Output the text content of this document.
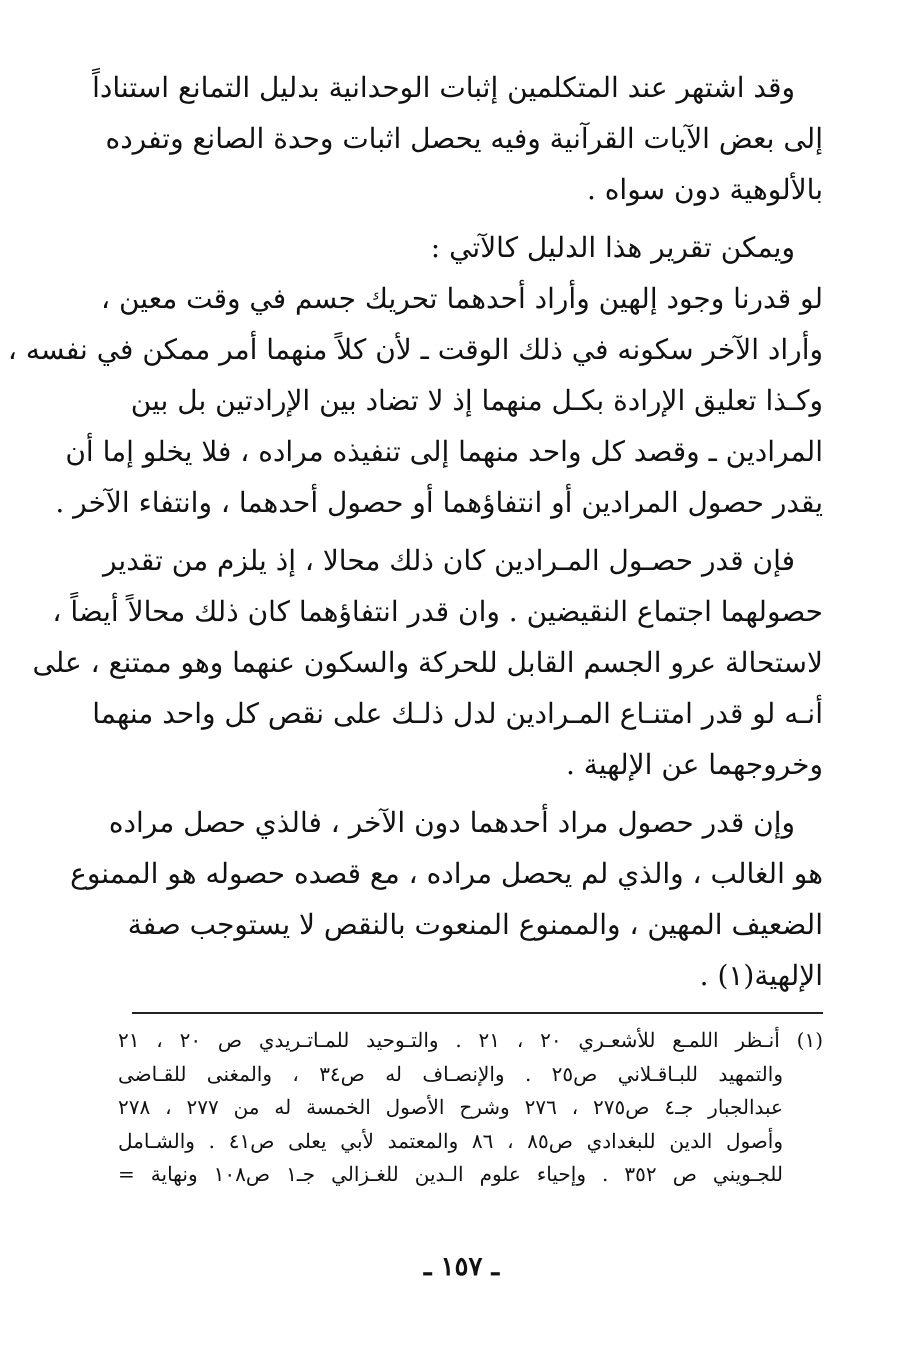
وقد اشتهر عند المتكلمين إثبات الوحدانية بدليل التمانع استناداً
إلى بعض الآيات القرآنية وفيه يحصل اثبات وحدة الصانع وتفرده
بالألوهية دون سواه .

ويمكن تقرير هذا الدليل كالآتي :
لو قدرنا وجود إلهين وأراد أحدهما تحريك جسم في وقت معين ،
وأراد الآخر سكونه في ذلك الوقت ـ لأن كلاً منهما أمر ممكن في نفسه ،
وكـذا تعليق الإرادة بكـل منهما إذ لا تضاد بين الإرادتين بل بين
المرادين ـ وقصد كل واحد منهما إلى تنفيذه مراده ، فلا يخلو إما أن
يقدر حصول المرادين أو انتفاؤهما أو حصول أحدهما ، وانتفاء الآخر .

فإن قدر حصـول المـرادين كان ذلك محالا ، إذ يلزم من تقدير
حصولهما اجتماع النقيضين . وان قدر انتفاؤهما كان ذلك محالاً أيضاً ،
لاستحالة عرو الجسم القابل للحركة والسكون عنهما وهو ممتنع ، على
أنـه لو قدر امتنـاع المـرادين لدل ذلـك على نقص كل واحد منهما
وخروجهما عن الإلهية .

وإن قدر حصول مراد أحدهما دون الآخر ، فالذي حصل مراده
هو الغالب ، والذي لم يحصل مراده ، مع قصده حصوله هو الممنوع
الضعيف المهين ، والممنوع المنعوت بالنقص لا يستوجب صفة
الإلهية(١) .

(١) أنـظر اللمـع للأشعـري ٢٠ ، ٢١ . والتـوحيد للمـاتـريدي ص ٢٠ ، ٢١
والتمهيد للبـاقـلاني ص٢٥ . والإنصـاف له ص٣٤ ، والمغنى للقـاضى
عبدالجبار جـ٤ ص٢٧٥ ، ٢٧٦ وشرح الأصول الخمسة له من ٢٧٧ ، ٢٧٨
وأصول الدين للبغدادي ص٨٥ ، ٨٦ والمعتمد لأبي يعلى ص٤١ . والشـامل
للجـويني ص ٣٥٢ . وإحياء علوم الـدين للغـزالي جـ١ ص١٠٨ ونهاية =
ـ ١٥٧ ـ
